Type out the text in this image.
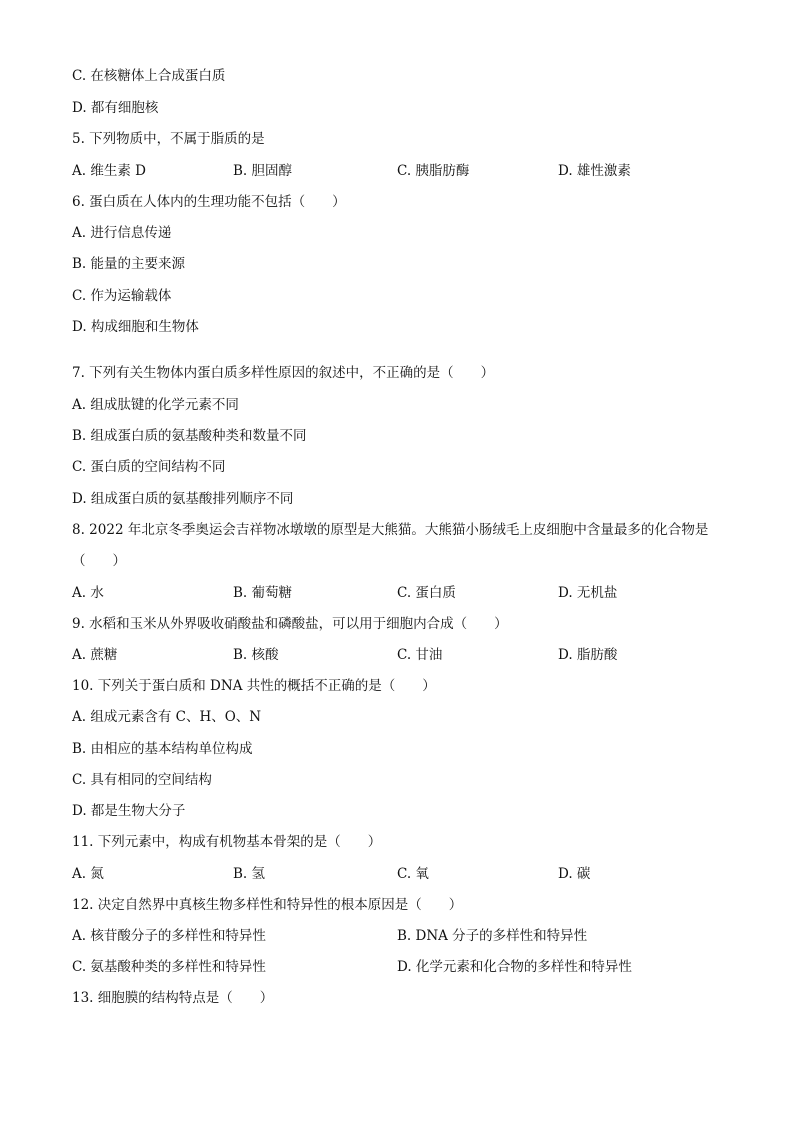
C. 在核糖体上合成蛋白质
D. 都有细胞核
5. 下列物质中，不属于脂质的是
A. 维生素 D	B. 胆固醇	C. 胰脂肪酶	D. 雄性激素
6. 蛋白质在人体内的生理功能不包括（　　）
A. 进行信息传递
B. 能量的主要来源
C. 作为运输载体
D. 构成细胞和生物体
7. 下列有关生物体内蛋白质多样性原因的叙述中，不正确的是（　　）
A. 组成肽键的化学元素不同
B. 组成蛋白质的氨基酸种类和数量不同
C. 蛋白质的空间结构不同
D. 组成蛋白质的氨基酸排列顺序不同
8. 2022 年北京冬季奥运会吉祥物冰墩墩的原型是大熊猫。大熊猫小肠绒毛上皮细胞中含量最多的化合物是
（　　）
A. 水	B. 葡萄糖	C. 蛋白质	D. 无机盐
9. 水稻和玉米从外界吸收硝酸盐和磷酸盐，可以用于细胞内合成（　　）
A. 蔗糖	B. 核酸	C. 甘油	D. 脂肪酸
10. 下列关于蛋白质和 DNA 共性的概括不正确的是（　　）
A. 组成元素含有 C、H、O、N
B. 由相应的基本结构单位构成
C. 具有相同的空间结构
D. 都是生物大分子
11. 下列元素中，构成有机物基本骨架的是（　　）
A. 氮	B. 氢	C. 氧	D. 碳
12. 决定自然界中真核生物多样性和特异性的根本原因是（　　）
A. 核苷酸分子的多样性和特异性	B. DNA 分子的多样性和特异性
C. 氨基酸种类的多样性和特异性	D. 化学元素和化合物的多样性和特异性
13. 细胞膜的结构特点是（　　）
